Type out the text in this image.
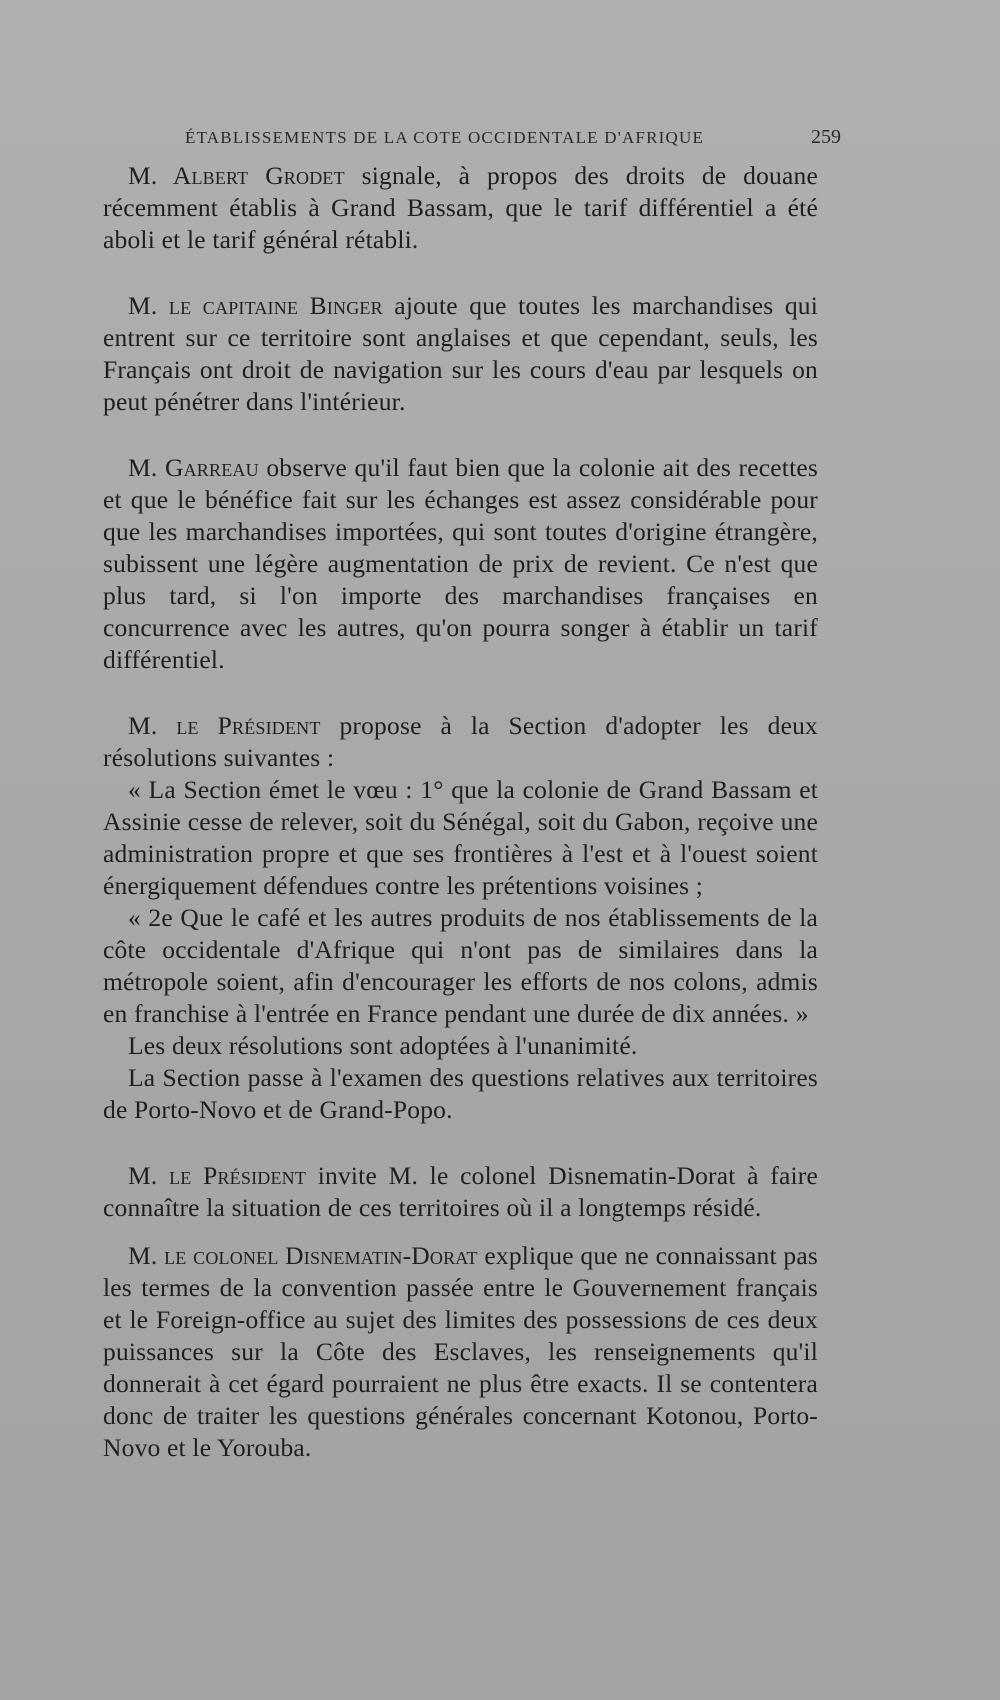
ÉTABLISSEMENTS DE LA COTE OCCIDENTALE D'AFRIQUE	259

M. Albert Grodet signale, à propos des droits de douane récemment établis à Grand Bassam, que le tarif différentiel a été aboli et le tarif général rétabli.

M. le capitaine Binger ajoute que toutes les marchandises qui entrent sur ce territoire sont anglaises et que cependant, seuls, les Français ont droit de navigation sur les cours d'eau par lesquels on peut pénétrer dans l'intérieur.

M. Garreau observe qu'il faut bien que la colonie ait des recettes et que le bénéfice fait sur les échanges est assez considérable pour que les marchandises importées, qui sont toutes d'origine étrangère, subissent une légère augmentation de prix de revient. Ce n'est que plus tard, si l'on importe des marchandises françaises en concurrence avec les autres, qu'on pourra songer à établir un tarif différentiel.

M. le Président propose à la Section d'adopter les deux résolutions suivantes :

« La Section émet le vœu : 1° que la colonie de Grand Bassam et Assinie cesse de relever, soit du Sénégal, soit du Gabon, reçoive une administration propre et que ses frontières à l'est et à l'ouest soient énergiquement défendues contre les prétentions voisines ;

« 2e Que le café et les autres produits de nos établissements de la côte occidentale d'Afrique qui n'ont pas de similaires dans la métropole soient, afin d'encourager les efforts de nos colons, admis en franchise à l'entrée en France pendant une durée de dix années. »

Les deux résolutions sont adoptées à l'unanimité.

La Section passe à l'examen des questions relatives aux territoires de Porto-Novo et de Grand-Popo.

M. le Président invite M. le colonel Disnematin-Dorat à faire connaître la situation de ces territoires où il a longtemps résidé.

M. le colonel Disnematin-Dorat explique que ne connaissant pas les termes de la convention passée entre le Gouvernement français et le Foreign-office au sujet des limites des possessions de ces deux puissances sur la Côte des Esclaves, les renseignements qu'il donnerait à cet égard pourraient ne plus être exacts. Il se contentera donc de traiter les questions générales concernant Kotonou, Porto-Novo et le Yorouba.
